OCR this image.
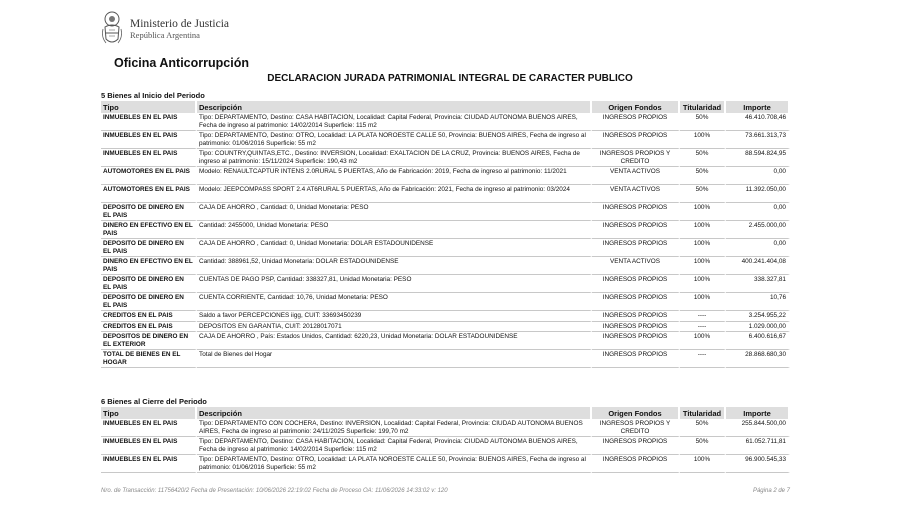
Ministerio de Justicia
República Argentina
Oficina Anticorrupción
DECLARACION JURADA PATRIMONIAL INTEGRAL DE CARACTER PUBLICO
5 Bienes al Inicio del Periodo
Tipo	Descripción	Origen Fondos	Titularidad	Importe
INMUEBLES EN EL PAIS	Tipo: DEPARTAMENTO, Destino: CASA HABITACION, Localidad: Capital Federal, Provincia: CIUDAD AUTONOMA BUENOS AIRES, Fecha de ingreso al patrimonio: 14/02/2014 Superficie: 115 m2	INGRESOS PROPIOS	50%	46.410.708,46
INMUEBLES EN EL PAIS	Tipo: DEPARTAMENTO, Destino: OTRO, Localidad: LA PLATA NOROESTE CALLE 50, Provincia: BUENOS AIRES, Fecha de ingreso al patrimonio: 01/06/2016 Superficie: 55 m2	INGRESOS PROPIOS	100%	73.661.313,73
INMUEBLES EN EL PAIS	Tipo: COUNTRY,QUINTAS,ETC., Destino: INVERSION, Localidad: EXALTACION DE LA CRUZ, Provincia: BUENOS AIRES, Fecha de ingreso al patrimonio: 15/11/2024 Superficie: 190,43 m2	INGRESOS PROPIOS Y CREDITO	50%	88.594.824,95
AUTOMOTORES EN EL PAIS	Modelo: RENAULTCAPTUR INTENS 2.0RURAL 5 PUERTAS, Año de Fabricación: 2019, Fecha de ingreso al patrimonio: 11/2021	VENTA ACTIVOS	50%	0,00
AUTOMOTORES EN EL PAIS	Modelo: JEEPCOMPASS SPORT 2.4 AT6RURAL 5 PUERTAS, Año de Fabricación: 2021, Fecha de ingreso al patrimonio: 03/2024	VENTA ACTIVOS	50%	11.392.050,00
DEPOSITO DE DINERO EN EL PAIS	CAJA DE AHORRO , Cantidad: 0, Unidad Monetaria: PESO	INGRESOS PROPIOS	100%	0,00
DINERO EN EFECTIVO EN EL PAIS	Cantidad: 2455000, Unidad Monetaria: PESO	INGRESOS PROPIOS	100%	2.455.000,00
DEPOSITO DE DINERO EN EL PAIS	CAJA DE AHORRO , Cantidad: 0, Unidad Monetaria: DOLAR ESTADOUNIDENSE	INGRESOS PROPIOS	100%	0,00
DINERO EN EFECTIVO EN EL PAIS	Cantidad: 388961,52, Unidad Monetaria: DOLAR ESTADOUNIDENSE	VENTA ACTIVOS	100%	400.241.404,08
DEPOSITO DE DINERO EN EL PAIS	CUENTAS DE PAGO PSP, Cantidad: 338327,81, Unidad Monetaria: PESO	INGRESOS PROPIOS	100%	338.327,81
DEPOSITO DE DINERO EN EL PAIS	CUENTA CORRIENTE, Cantidad: 10,76, Unidad Monetaria: PESO	INGRESOS PROPIOS	100%	10,76
CREDITOS EN EL PAIS	Saldo a favor PERCEPCIONES iigg, CUIT: 33693450239	INGRESOS PROPIOS	----	3.254.955,22
CREDITOS EN EL PAIS	DEPOSITOS EN GARANTIA, CUIT: 20128017071	INGRESOS PROPIOS	----	1.029.000,00
DEPOSITOS DE DINERO EN EL EXTERIOR	CAJA DE AHORRO , País: Estados Unidos, Cantidad: 6220,23, Unidad Monetaria: DOLAR ESTADOUNIDENSE	INGRESOS PROPIOS	100%	6.400.616,67
TOTAL DE BIENES EN EL HOGAR	Total de Bienes del Hogar	INGRESOS PROPIOS	----	28.868.680,30
6 Bienes al Cierre del Periodo
Tipo	Descripción	Origen Fondos	Titularidad	Importe
INMUEBLES EN EL PAIS	Tipo: DEPARTAMENTO CON COCHERA, Destino: INVERSION, Localidad: Capital Federal, Provincia: CIUDAD AUTONOMA BUENOS AIRES, Fecha de ingreso al patrimonio: 24/11/2025 Superficie: 199,70 m2	INGRESOS PROPIOS Y CREDITO	50%	255.844.500,00
INMUEBLES EN EL PAIS	Tipo: DEPARTAMENTO, Destino: CASA HABITACION, Localidad: Capital Federal, Provincia: CIUDAD AUTONOMA BUENOS AIRES, Fecha de ingreso al patrimonio: 14/02/2014 Superficie: 115 m2	INGRESOS PROPIOS	50%	61.052.711,81
INMUEBLES EN EL PAIS	Tipo: DEPARTAMENTO, Destino: OTRO, Localidad: LA PLATA NOROESTE CALLE 50, Provincia: BUENOS AIRES, Fecha de ingreso al patrimonio: 01/06/2016 Superficie: 55 m2	INGRESOS PROPIOS	100%	96.900.545,33
Nro. de Transacción: 11756420/2 Fecha de Presentación: 10/06/2026 22:19:02 Fecha de Proceso OA: 11/06/2026 14:33:02 v: 120	Página 2 de 7
